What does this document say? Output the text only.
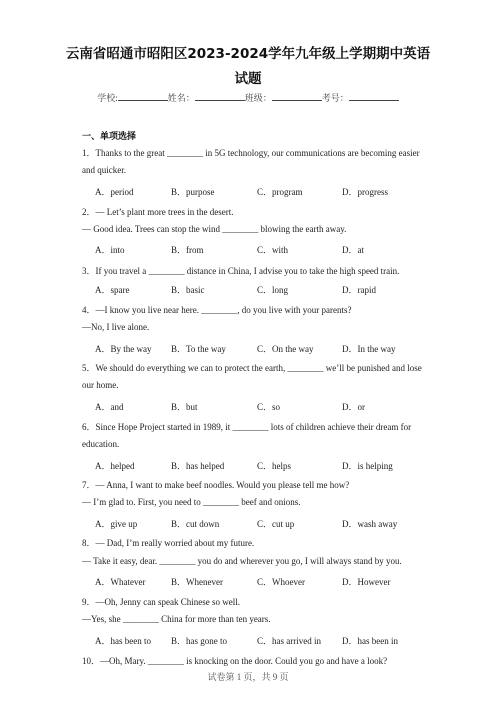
云南省昭通市昭阳区2023-2024学年九年级上学期期中英语
试题
学校:	姓名：	班级：	考号：
一、单项选择
1．Thanks to the great ________ in 5G technology, our communications are becoming easier
and quicker.
A．period	B．purpose	C．program	D．progress
2．— Let’s plant more trees in the desert.
— Good idea. Trees can stop the wind ________ blowing the earth away.
A．into	B．from	C．with	D．at
3．If you travel a ________ distance in China, I advise you to take the high speed train.
A．spare	B．basic	C．long	D．rapid
4．—I know you live near here. ________, do you live with your parents?
—No, I live alone.
A．By the way B．To the way	C．On the way	D．In the way
5．We should do everything we can to protect the earth, ________ we’ll be punished and lose
our home.
A．and	B．but	C．so	D．or
6．Since Hope Project started in 1989, it ________ lots of children achieve their dream for
education.
A．helped	B．has helped	C．helps	D．is helping
7．— Anna, I want to make beef noodles. Would you please tell me how?
— I’m glad to. First, you need to ________ beef and onions.
A．give up	B．cut down	C．cut up	D．wash away
8．— Dad, I’m really worried about my future.
— Take it easy, dear. ________ you do and wherever you go, I will always stand by you.
A．Whatever	B．Whenever	C．Whoever	D．However
9．—Oh, Jenny can speak Chinese so well.
—Yes, she ________ China for more than ten years.
A．has been to B．has gone to	C．has arrived in D．has been in
10．—Oh, Mary. ________ is knocking on the door. Could you go and have a look?
试卷第 1 页，共 9 页
